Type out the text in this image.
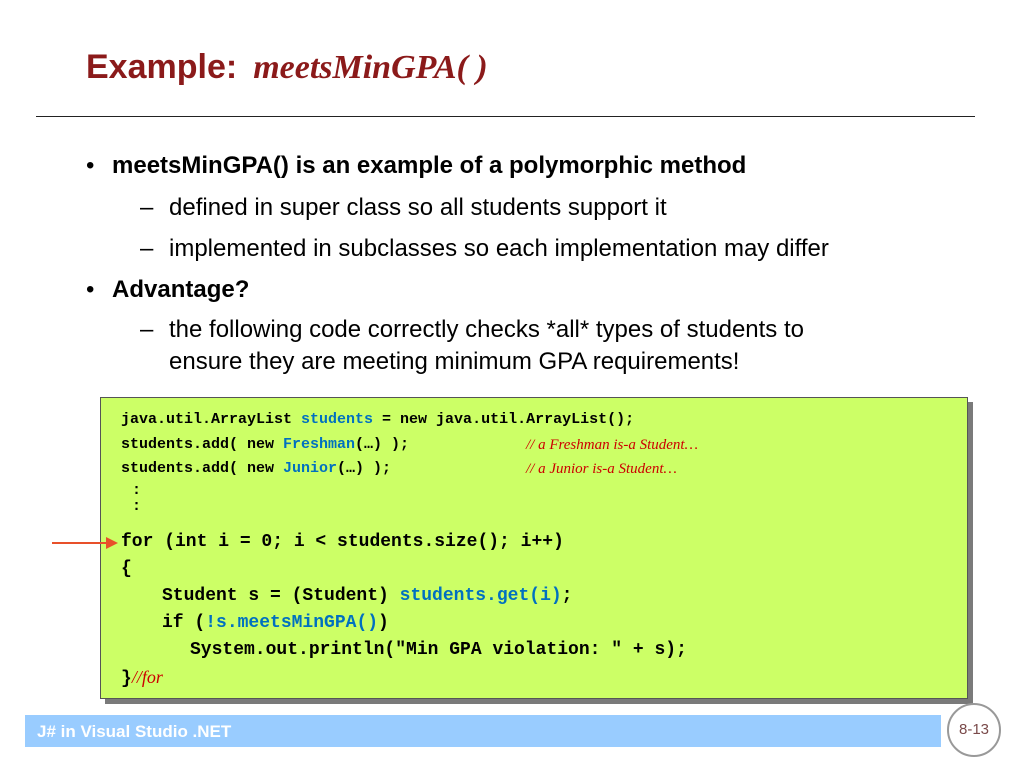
Example: meetsMinGPA( )
• meetsMinGPA() is an example of a polymorphic method
– defined in super class so all students support it
– implemented in subclasses so each implementation may differ
• Advantage?
– the following code correctly checks *all* types of students to
ensure they are meeting minimum GPA requirements!
java.util.ArrayList students = new java.util.ArrayList();
students.add( new Freshman(…) );	// a Freshman is-a Student…
students.add( new Junior(…) );	// a Junior is-a Student…
:
:
for (int i = 0; i < students.size(); i++)
{
Student s = (Student) students.get(i);
if (!s.meetsMinGPA())
System.out.println("Min GPA violation: " + s);
}//for
J# in Visual Studio .NET	8-13
